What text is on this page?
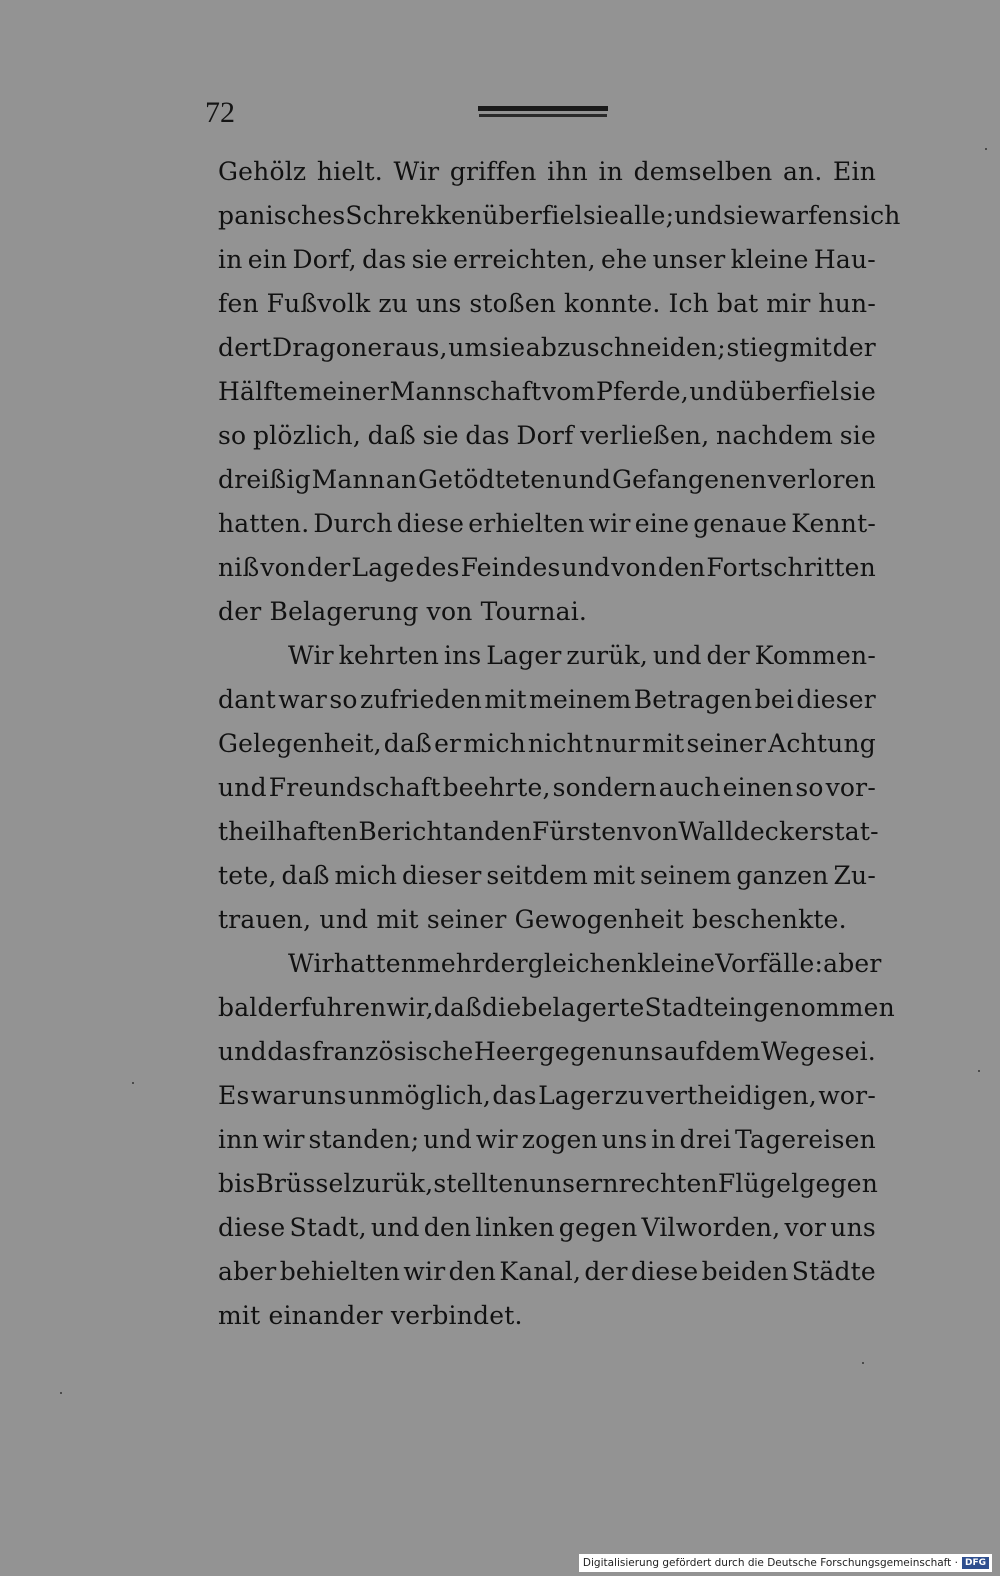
72
Gehölz hielt. Wir griffen ihn in demselben an. Ein
panisches Schrekken überfiel sie alle; und sie warfen sich
in ein Dorf, das sie erreichten, ehe unser kleine Hau-
fen Fußvolk zu uns stoßen konnte. Ich bat mir hun-
dert Dragoner aus, um sie abzuschneiden; stieg mit der
Hälfte meiner Mannschaft vom Pferde, und überfiel sie
so plözlich, daß sie das Dorf verließen, nachdem sie
dreißig Mann an Getödteten und Gefangenen verloren
hatten. Durch diese erhielten wir eine genaue Kennt-
niß von der Lage des Feindes und von den Fortschritten
der Belagerung von Tournai.
Wir kehrten ins Lager zurük, und der Kommen-
dant war so zufrieden mit meinem Betragen bei dieser
Gelegenheit, daß er mich nicht nur mit seiner Achtung
und Freundschaft beehrte, sondern auch einen so vor-
theilhaften Bericht an den Fürsten von Walldeck erstat-
tete, daß mich dieser seitdem mit seinem ganzen Zu-
trauen, und mit seiner Gewogenheit beschenkte.
Wir hatten mehr dergleichen kleine Vorfälle: aber
bald erfuhren wir, daß die belagerte Stadt eingenommen
und das französische Heer gegen uns auf dem Wege sei.
Es war uns unmöglich, das Lager zu vertheidigen, wor-
inn wir standen; und wir zogen uns in drei Tagereisen
bis Brüssel zurük, stellten unsern rechten Flügel gegen
diese Stadt, und den linken gegen Vilworden, vor uns
aber behielten wir den Kanal, der diese beiden Städte
mit einander verbindet.
Digitalisierung gefördert durch die Deutsche Forschungsgemeinschaft · DFG
